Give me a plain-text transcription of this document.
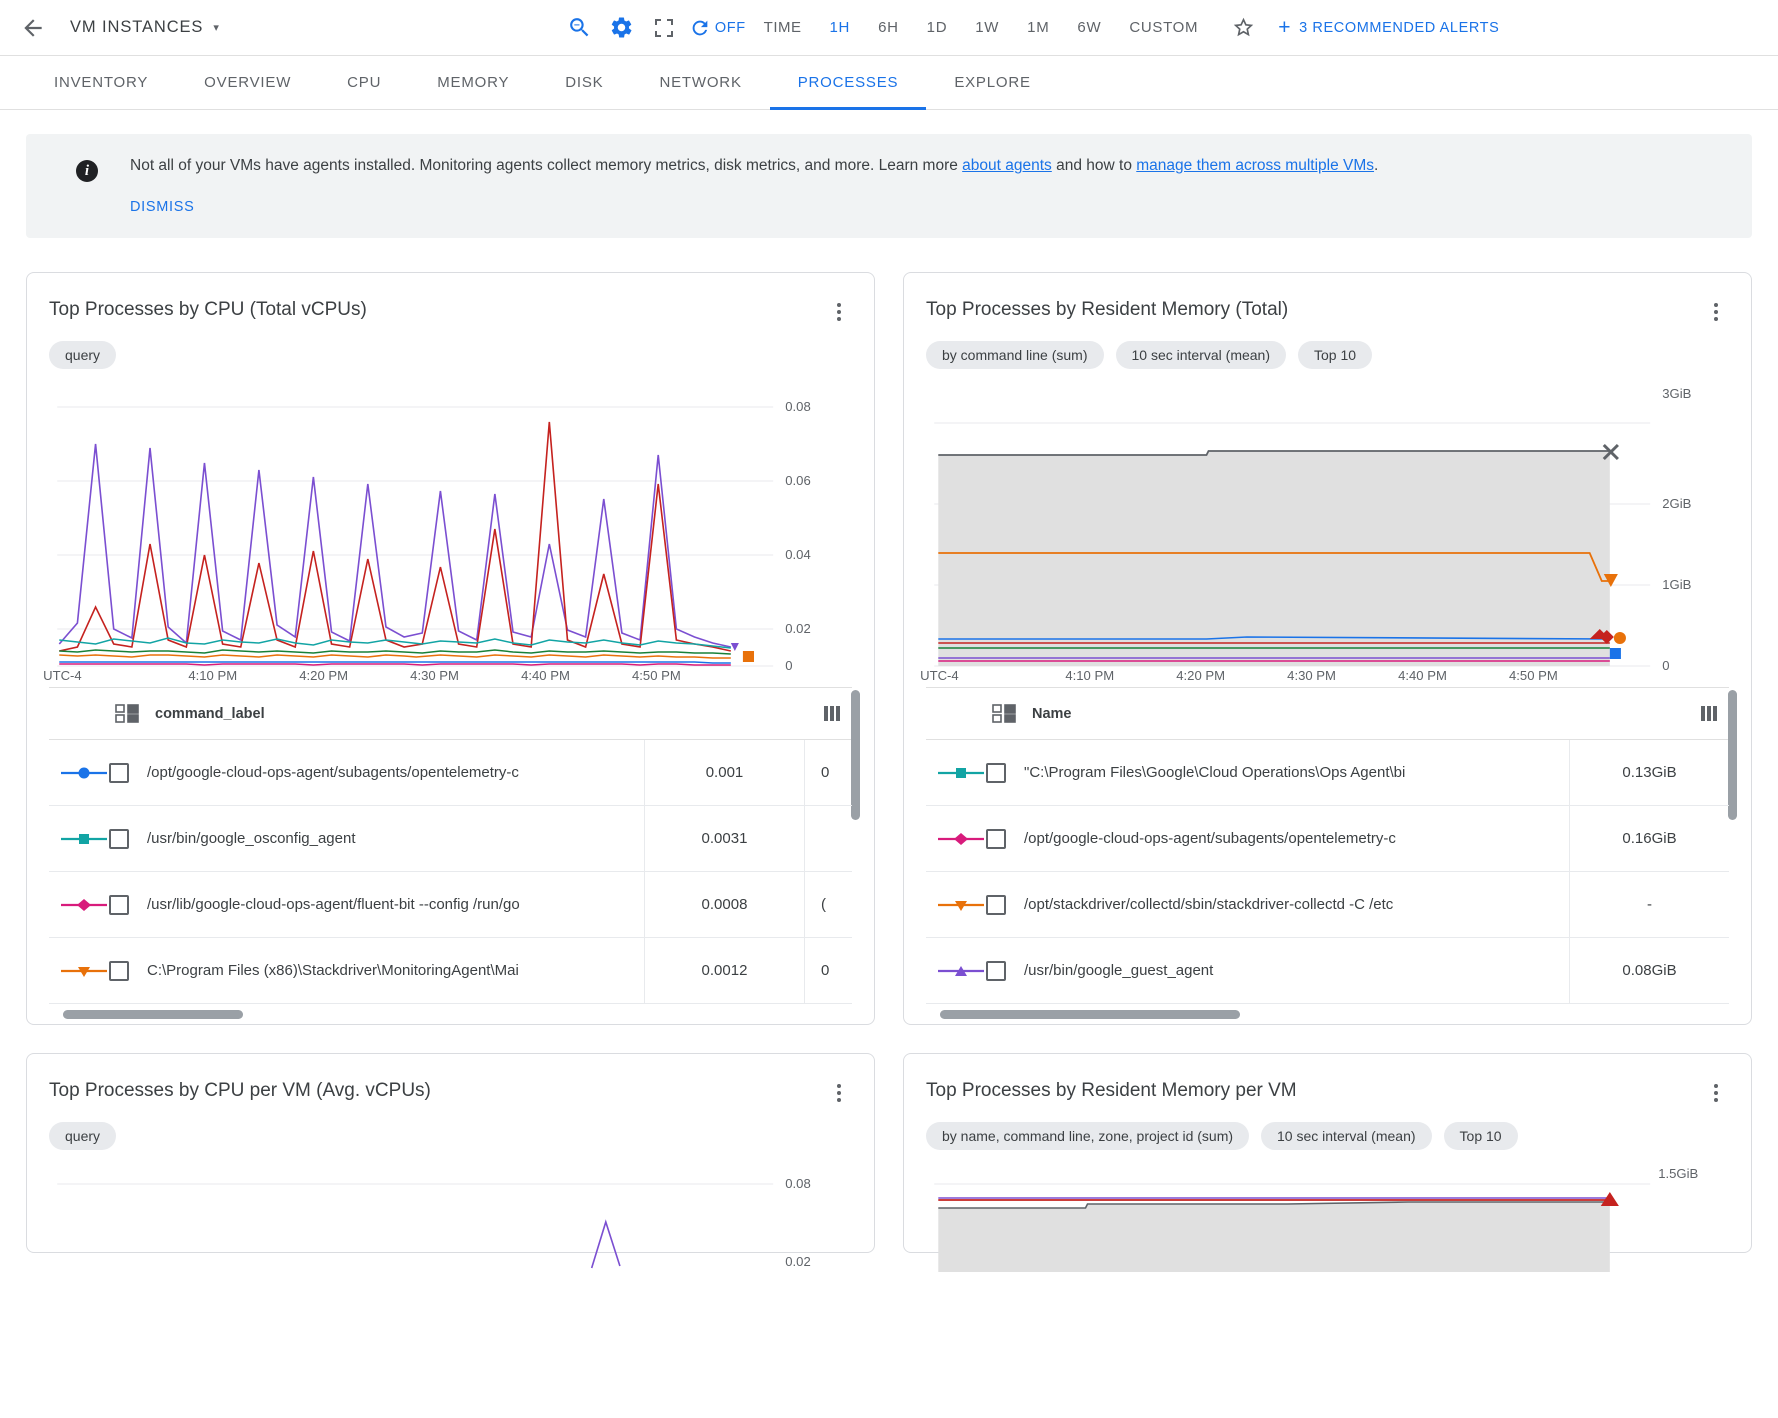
VM INSTANCES ▾	OFF TIME	1H	6H	1D	1W	1M	6W	CUSTOM	+ 3 RECOMMENDED ALERTS
INVENTORY	OVERVIEW	CPU	MEMORY	DISK	NETWORK	PROCESSES	EXPLORE
i	Not all of your VMs have agents installed. Monitoring agents collect memory metrics, disk metrics, and more. Learn more about agents and how to manage them across multiple VMs.
DISMISS
Top Processes by CPU (Total vCPUs)
query
0.08
0.06
0.04
0.02
0
UTC-4	4:10 PM	4:20 PM	4:30 PM	4:40 PM	4:50 PM
command_label
/opt/google-cloud-ops-agent/subagents/opentelemetry-c	0.001	0
/usr/bin/google_osconfig_agent	0.0031
/usr/lib/google-cloud-ops-agent/fluent-bit --config /run/go	0.0008	(
C:\Program Files (x86)\Stackdriver\MonitoringAgent\Mai	0.0012	0
Top Processes by Resident Memory (Total)
by command line (sum)	10 sec interval (mean)	Top 10
3GiB
2GiB
1GiB
0
UTC-4	4:10 PM	4:20 PM	4:30 PM	4:40 PM	4:50 PM
Name
"C:\Program Files\Google\Cloud Operations\Ops Agent\bi	0.13GiB
/opt/google-cloud-ops-agent/subagents/opentelemetry-c	0.16GiB
/opt/stackdriver/collectd/sbin/stackdriver-collectd -C /etc	-
/usr/bin/google_guest_agent	0.08GiB
Top Processes by CPU per VM (Avg. vCPUs)
query
0.08
0.02
Top Processes by Resident Memory per VM
by name, command line, zone, project id (sum)	10 sec interval (mean)	Top 10
1.5GiB
